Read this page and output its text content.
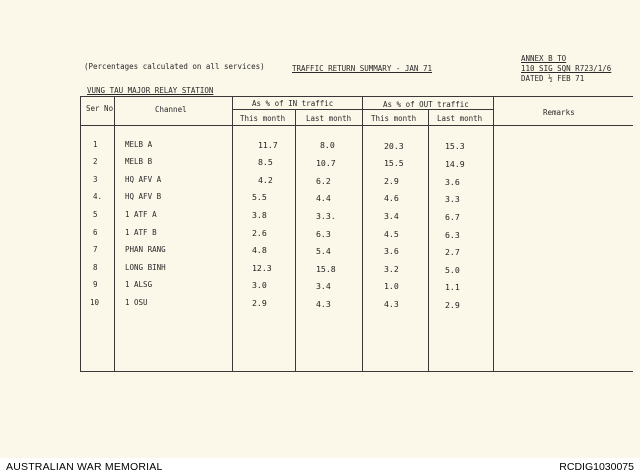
(Percentages calculated on all services)	TRAFFIC RETURN SUMMARY - JAN 71
ANNEX B TO
110 SIG SQN R723/1/6
DATED ½ FEB 71
VUNG TAU MAJOR RELAY STATION
Ser No	Channel
As % of IN traffic	As % of OUT traffic
This month	Last month	This month	Last month
Remarks
1	MELB A	11.7	8.0	20.3	15.3
2	MELB B	8.5	10.7	15.5	14.9
3	HQ AFV A	4.2	6.2	2.9	3.6
4.	HQ AFV B	5.5	4.4	4.6	3.3
5	1 ATF A	3.8	3.3.	3.4	6.7
6	1 ATF B	2.6	6.3	4.5	6.3
7	PHAN RANG	4.8	5.4	3.6	2.7
8	LONG BINH	12.3	15.8	3.2	5.0
9	1 ALSG	3.0	3.4	1.0	1.1
10	1 OSU	2.9	4.3	4.3	2.9
AUSTRALIAN WAR MEMORIAL	RCDIG1030075
